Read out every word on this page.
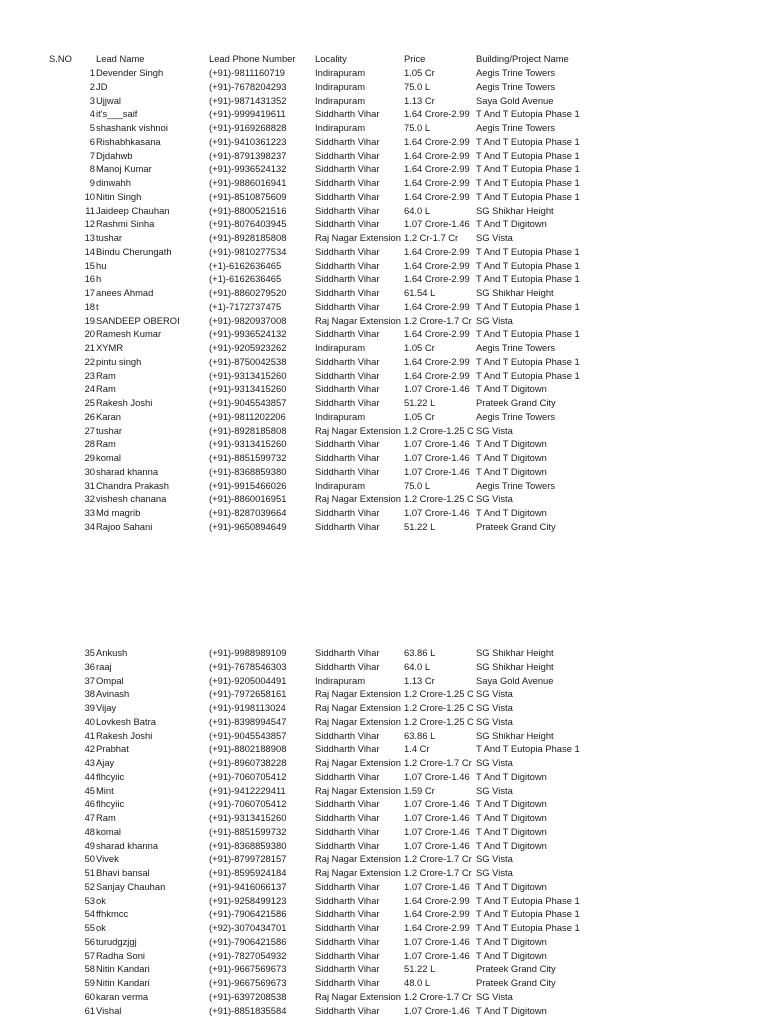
S.NO	Lead Name	Lead Phone Number	Locality	Price	Building/Project Name
1 Devender Singh	(+91)-9811160719	Indirapuram	1.05 Cr	Aegis Trine Towers
2 JD	(+91)-7678204293	Indirapuram	75.0 L	Aegis Trine Towers
3 Ujjwal	(+91)-9871431352	Indirapuram	1.13 Cr	Saya Gold Avenue
4 it's___saif	(+91)-9999419611	Siddharth Vihar	1.64 Crore-2.99 T And T Eutopia Phase 1
5 shashank vishnoi	(+91)-9169268828	Indirapuram	75.0 L	Aegis Trine Towers
6 Rishabhkasana	(+91)-9410361223	Siddharth Vihar	1.64 Crore-2.99 T And T Eutopia Phase 1
7 Djdahwb	(+91)-8791398237	Siddharth Vihar	1.64 Crore-2.99 T And T Eutopia Phase 1
8 Manoj Kumar	(+91)-9936524132	Siddharth Vihar	1.64 Crore-2.99 T And T Eutopia Phase 1
9 dinwahh	(+91)-9886016941	Siddharth Vihar	1.64 Crore-2.99 T And T Eutopia Phase 1
10 Nitin Singh	(+91)-8510875609	Siddharth Vihar	1.64 Crore-2.99 T And T Eutopia Phase 1
11 Jaideep Chauhan	(+91)-8800521516	Siddharth Vihar	64.0 L	SG Shikhar Height
12 Rashmi Sinha	(+91)-8076403945	Siddharth Vihar	1.07 Crore-1.46 T And T Digitown
13 tushar	(+91)-8928185808	Raj Nagar Extension 1.2 Cr-1.7 Cr	SG Vista
14 Bindu Cherungath	(+91)-9810277534	Siddharth Vihar	1.64 Crore-2.99 T And T Eutopia Phase 1
15 hu	(+1)-6162636465	Siddharth Vihar	1.64 Crore-2.99 T And T Eutopia Phase 1
16 h	(+1)-6162636465	Siddharth Vihar	1.64 Crore-2.99 T And T Eutopia Phase 1
17 anees Ahmad	(+91)-8860279520	Siddharth Vihar	61.54 L	SG Shikhar Height
18 t	(+1)-7172737475	Siddharth Vihar	1.64 Crore-2.99 T And T Eutopia Phase 1
19 SANDEEP OBEROI	(+91)-9820937008	Raj Nagar Extension 1.2 Crore-1.7 Cr SG Vista
20 Ramesh Kumar	(+91)-9936524132	Siddharth Vihar	1.64 Crore-2.99 T And T Eutopia Phase 1
21 XYMR	(+91)-9205923262	Indirapuram	1.05 Cr	Aegis Trine Towers
22 pintu singh	(+91)-8750042538	Siddharth Vihar	1.64 Crore-2.99 T And T Eutopia Phase 1
23 Ram	(+91)-9313415260	Siddharth Vihar	1.64 Crore-2.99 T And T Eutopia Phase 1
24 Ram	(+91)-9313415260	Siddharth Vihar	1.07 Crore-1.46 T And T Digitown
25 Rakesh Joshi	(+91)-9045543857	Siddharth Vihar	51.22 L	Prateek Grand City
26 Karan	(+91)-9811202206	Indirapuram	1.05 Cr	Aegis Trine Towers
27 tushar	(+91)-8928185808	Raj Nagar Extension 1.2 Crore-1.25 C SG Vista
28 Ram	(+91)-9313415260	Siddharth Vihar	1.07 Crore-1.46 T And T Digitown
29 komal	(+91)-8851599732	Siddharth Vihar	1.07 Crore-1.46 T And T Digitown
30 sharad khanna	(+91)-8368859380	Siddharth Vihar	1.07 Crore-1.46 T And T Digitown
31 Chandra Prakash	(+91)-9915466026	Indirapuram	75.0 L	Aegis Trine Towers
32 vishesh chanana	(+91)-8860016951	Raj Nagar Extension 1.2 Crore-1.25 C SG Vista
33 Md magrib	(+91)-8287039664	Siddharth Vihar	1.07 Crore-1.46 T And T Digitown
34 Rajoo Sahani	(+91)-9650894649	Siddharth Vihar	51.22 L	Prateek Grand City
35 Ankush	(+91)-9988989109	Siddharth Vihar	63.86 L	SG Shikhar Height
36 raaj	(+91)-7678546303	Siddharth Vihar	64.0 L	SG Shikhar Height
37 Ompal	(+91)-9205004491	Indirapuram	1.13 Cr	Saya Gold Avenue
38 Avinash	(+91)-7972658161	Raj Nagar Extension 1.2 Crore-1.25 C SG Vista
39 Vijay	(+91)-9198113024	Raj Nagar Extension 1.2 Crore-1.25 C SG Vista
40 Lovkesh Batra	(+91)-8398994547	Raj Nagar Extension 1.2 Crore-1.25 C SG Vista
41 Rakesh Joshi	(+91)-9045543857	Siddharth Vihar	63.86 L	SG Shikhar Height
42 Prabhat	(+91)-8802188908	Siddharth Vihar	1.4 Cr	T And T Eutopia Phase 1
43 Ajay	(+91)-8960738228	Raj Nagar Extension 1.2 Crore-1.7 Cr SG Vista
44 flhcyiic	(+91)-7060705412	Siddharth Vihar	1.07 Crore-1.46 T And T Digitown
45 Mint	(+91)-9412229411	Raj Nagar Extension 1.59 Cr	SG Vista
46 flhcyiic	(+91)-7060705412	Siddharth Vihar	1.07 Crore-1.46 T And T Digitown
47 Ram	(+91)-9313415260	Siddharth Vihar	1.07 Crore-1.46 T And T Digitown
48 komal	(+91)-8851599732	Siddharth Vihar	1.07 Crore-1.46 T And T Digitown
49 sharad khanna	(+91)-8368859380	Siddharth Vihar	1.07 Crore-1.46 T And T Digitown
50 Vivek	(+91)-8799728157	Raj Nagar Extension 1.2 Crore-1.7 Cr SG Vista
51 Bhavi bansal	(+91)-8595924184	Raj Nagar Extension 1.2 Crore-1.7 Cr SG Vista
52 Sanjay Chauhan	(+91)-9416066137	Siddharth Vihar	1.07 Crore-1.46 T And T Digitown
53 ok	(+91)-9258499123	Siddharth Vihar	1.64 Crore-2.99 T And T Eutopia Phase 1
54 ffhkmcc	(+91)-7906421586	Siddharth Vihar	1.64 Crore-2.99 T And T Eutopia Phase 1
55 ok	(+92)-3070434701	Siddharth Vihar	1.64 Crore-2.99 T And T Eutopia Phase 1
56 turudgzjgj	(+91)-7906421586	Siddharth Vihar	1.07 Crore-1.46 T And T Digitown
57 Radha Soni	(+91)-7827054932	Siddharth Vihar	1.07 Crore-1.46 T And T Digitown
58 Nitin Kandari	(+91)-9667569673	Siddharth Vihar	51.22 L	Prateek Grand City
59 Nitin Kandari	(+91)-9667569673	Siddharth Vihar	48.0 L	Prateek Grand City
60 karan verma	(+91)-6397208538	Raj Nagar Extension 1.2 Crore-1.7 Cr SG Vista
61 Vishal	(+91)-8851835584	Siddharth Vihar	1.07 Crore-1.46 T And T Digitown
